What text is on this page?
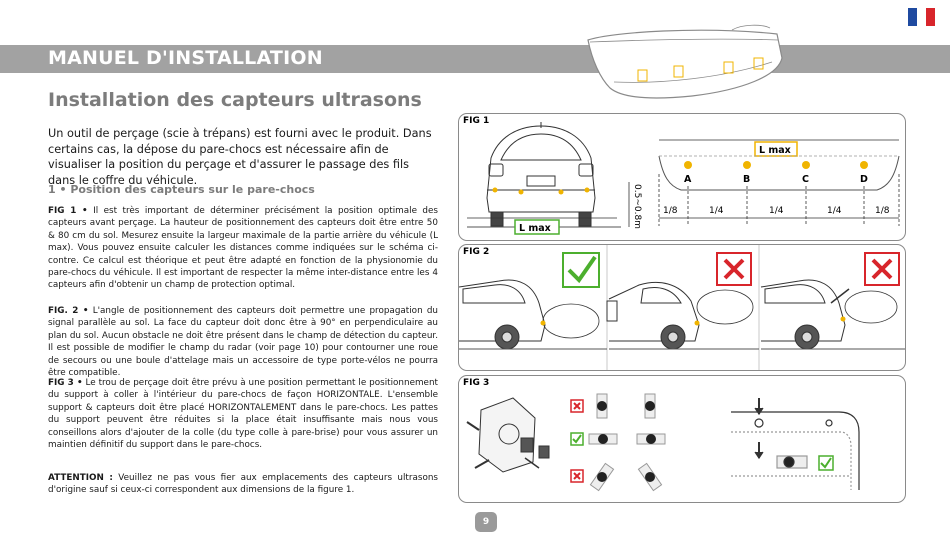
MANUEL D'INSTALLATION
Installation des capteurs ultrasons
Un outil de perçage (scie à trépans) est fourni avec le produit. Dans certains cas, la dépose du pare-chocs est nécessaire afin de visualiser la position du perçage et d'assurer le passage des fils dans le coffre du véhicule.
1 • Position des capteurs sur le pare-chocs
FIG 1 • Il est très important de déterminer précisément la position optimale des capteurs avant perçage. La hauteur de positionnement des capteurs doit être entre 50 & 80 cm du sol. Mesurez ensuite la largeur maximale de la partie arrière du véhicule (L max). Vous pouvez ensuite calculer les distances comme indiquées sur le schéma ci-contre. Ce calcul est théorique et peut être adapté en fonction de la physionomie du pare-chocs du véhicule. Il est important de respecter la même inter-distance entre les 4 capteurs afin d'obtenir un champ de protection optimal.
FIG. 2 • L'angle de positionnement des capteurs doit permettre une propagation du signal parallèle au sol. La face du capteur doit donc être à 90° en perpendiculaire au plan du sol. Aucun obstacle ne doit être présent dans le champ de détection du capteur. Il est possible de modifier le champ du radar (voir page 10) pour contourner une roue de secours ou une boule d'attelage mais un accessoire de type porte-vélos ne pourra être compatible.
FIG 3 • Le trou de perçage doit être prévu à une position permettant le positionnement du support à coller à l'intérieur du pare-chocs de façon HORIZONTALE. L'ensemble support & capteurs doit être placé HORIZONTALEMENT dans le pare-chocs. Les pattes du support peuvent être réduites si la place était insuffisante mais nous vous conseillons alors d'ajouter de la colle (du type colle à pare-brise) pour vous assurer un maintien définitif du support dans le pare-chocs.
ATTENTION : Veuillez ne pas vous fier aux emplacements des capteurs ultrasons d'origine sauf si ceux-ci correspondent aux dimensions de la figure 1.
L max	0.5~0.8m
L max
A	B	C	D
1/8	1/4	1/4	1/4	1/8
FIG 1
FIG 2
FIG 3
9
